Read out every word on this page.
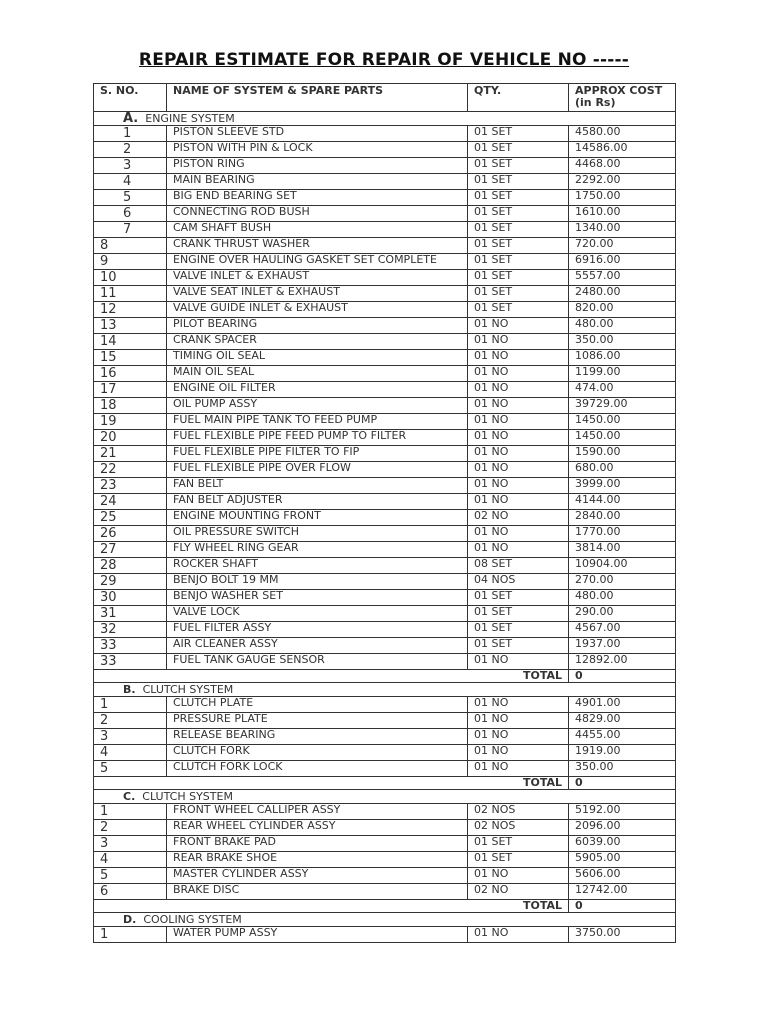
REPAIR ESTIMATE FOR REPAIR OF VEHICLE NO -----
S. NO.	NAME OF SYSTEM & SPARE PARTS	QTY.	APPROX COST
(in Rs)
A. ENGINE SYSTEM			
1	PISTON SLEEVE STD	01 SET	4580.00
2	PISTON WITH PIN & LOCK	01 SET	14586.00
3	PISTON RING	01 SET	4468.00
4	MAIN BEARING	01 SET	2292.00
5	BIG END BEARING SET	01 SET	1750.00
6	CONNECTING ROD BUSH	01 SET	1610.00
7	CAM SHAFT BUSH	01 SET	1340.00
8	CRANK THRUST WASHER	01 SET	720.00
9	ENGINE OVER HAULING GASKET SET COMPLETE	01 SET	6916.00
10	VALVE INLET & EXHAUST	01 SET	5557.00
11	VALVE SEAT INLET & EXHAUST	01 SET	2480.00
12	VALVE GUIDE INLET & EXHAUST	01 SET	820.00
13	PILOT BEARING	01 NO	480.00
14	CRANK SPACER	01 NO	350.00
15	TIMING OIL SEAL	01 NO	1086.00
16	MAIN OIL SEAL	01 NO	1199.00
17	ENGINE OIL FILTER	01 NO	474.00
18	OIL PUMP ASSY	01 NO	39729.00
19	FUEL MAIN PIPE TANK TO FEED PUMP	01 NO	1450.00
20	FUEL FLEXIBLE PIPE FEED PUMP TO FILTER	01 NO	1450.00
21	FUEL FLEXIBLE PIPE FILTER TO FIP	01 NO	1590.00
22	FUEL FLEXIBLE PIPE OVER FLOW	01 NO	680.00
23	FAN BELT	01 NO	3999.00
24	FAN BELT ADJUSTER	01 NO	4144.00
25	ENGINE MOUNTING FRONT	02 NO	2840.00
26	OIL PRESSURE SWITCH	01 NO	1770.00
27	FLY WHEEL RING GEAR	01 NO	3814.00
28	ROCKER SHAFT	08 SET	10904.00
29	BENJO BOLT 19 MM	04 NOS	270.00
30	BENJO WASHER SET	01 SET	480.00
31	VALVE LOCK	01 SET	290.00
32	FUEL FILTER ASSY	01 SET	4567.00
33	AIR CLEANER ASSY	01 SET	1937.00
33	FUEL TANK GAUGE SENSOR	01 NO	12892.00
TOTAL			0
B. CLUTCH SYSTEM			
1	CLUTCH PLATE	01 NO	4901.00
2	PRESSURE PLATE	01 NO	4829.00
3	RELEASE BEARING	01 NO	4455.00
4	CLUTCH FORK	01 NO	1919.00
5	CLUTCH FORK LOCK	01 NO	350.00
TOTAL			0
C. CLUTCH SYSTEM			
1	FRONT WHEEL CALLIPER ASSY	02 NOS	5192.00
2	REAR WHEEL CYLINDER ASSY	02 NOS	2096.00
3	FRONT BRAKE PAD	01 SET	6039.00
4	REAR BRAKE SHOE	01 SET	5905.00
5	MASTER CYLINDER ASSY	01 NO	5606.00
6	BRAKE DISC	02 NO	12742.00
TOTAL			0
D. COOLING SYSTEM			
1	WATER PUMP ASSY	01 NO	3750.00
